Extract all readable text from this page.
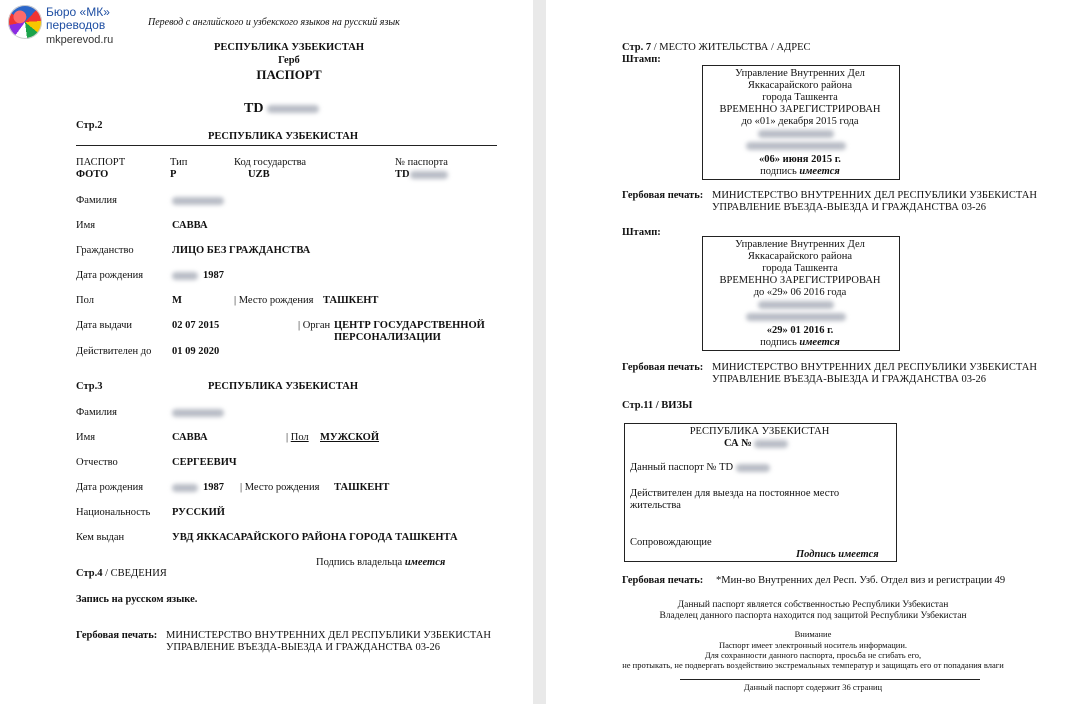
Бюро «МК»
переводов
mkperevod.ru
Перевод с английского и узбекского языков на русский язык
РЕСПУБЛИКА УЗБЕКИСТАН
Герб
ПАСПОРТ
TD
Стр.2
РЕСПУБЛИКА УЗБЕКИСТАН
ПАСПОРТ	Тип	Код государства	№ паспорта
ФОТО	P	UZB	TD
Фамилия
Имя	САВВА
Гражданство	ЛИЦО БЕЗ ГРАЖДАНСТВА
Дата рождения	1987
Пол	М	| Место рождения ТАШКЕНТ
Дата выдачи	02 07 2015	| Орган ЦЕНТР ГОСУДАРСТВЕННОЙ
ПЕРСОНАЛИЗАЦИИ
Действителен до 01 09 2020
Стр.3	РЕСПУБЛИКА УЗБЕКИСТАН
Фамилия
Имя	САВВА	| Пол МУЖСКОЙ
Отчество	СЕРГЕЕВИЧ
Дата рождения	1987 | Место рождения ТАШКЕНТ
Национальность РУССКИЙ
Кем выдан	УВД ЯККАСАРАЙСКОГО РАЙОНА ГОРОДА ТАШКЕНТА
Подпись владельца имеется
Стр.4 / СВЕДЕНИЯ
Запись на русском языке.
Гербовая печать: МИНИСТЕРСТВО ВНУТРЕННИХ ДЕЛ РЕСПУБЛИКИ УЗБЕКИСТАН
УПРАВЛЕНИЕ ВЪЕЗДА-ВЫЕЗДА И ГРАЖДАНСТВА 03-26
Стр. 7 / МЕСТО ЖИТЕЛЬСТВА / АДРЕС
Штамп:
Управление Внутренних Дел
Яккасарайского района
города Ташкента
ВРЕМЕННО ЗАРЕГИСТРИРОВАН
до «01» декабря 2015 года
«06» июня 2015 г.
подпись имеется
Гербовая печать: МИНИСТЕРСТВО ВНУТРЕННИХ ДЕЛ РЕСПУБЛИКИ УЗБЕКИСТАН
УПРАВЛЕНИЕ ВЪЕЗДА-ВЫЕЗДА И ГРАЖДАНСТВА 03-26
Штамп:
Управление Внутренних Дел
Яккасарайского района
города Ташкента
ВРЕМЕННО ЗАРЕГИСТРИРОВАН
до «29» 06 2016 года
«29» 01 2016 г.
подпись имеется
Гербовая печать: МИНИСТЕРСТВО ВНУТРЕННИХ ДЕЛ РЕСПУБЛИКИ УЗБЕКИСТАН
УПРАВЛЕНИЕ ВЪЕЗДА-ВЫЕЗДА И ГРАЖДАНСТВА 03-26
Стр.11 / ВИЗЫ
РЕСПУБЛИКА УЗБЕКИСТАН
СА №
Данный паспорт № TD
Действителен для выезда на постоянное место
жительства
Сопровождающие
Подпись имеется
Гербовая печать: *Мин-во Внутренних дел Респ. Узб. Отдел виз и регистрации 49
Данный паспорт является собственностью Республики Узбекистан
Владелец данного паспорта находится под защитой Республики Узбекистан
Внимание
Паспорт имеет электронный носитель информации.
Для сохранности данного паспорта, просьба не сгибать его,
не протыкать, не подвергать воздействию экстремальных температур и защищать его от попадания влаги
Данный паспорт содержит 36 страниц
